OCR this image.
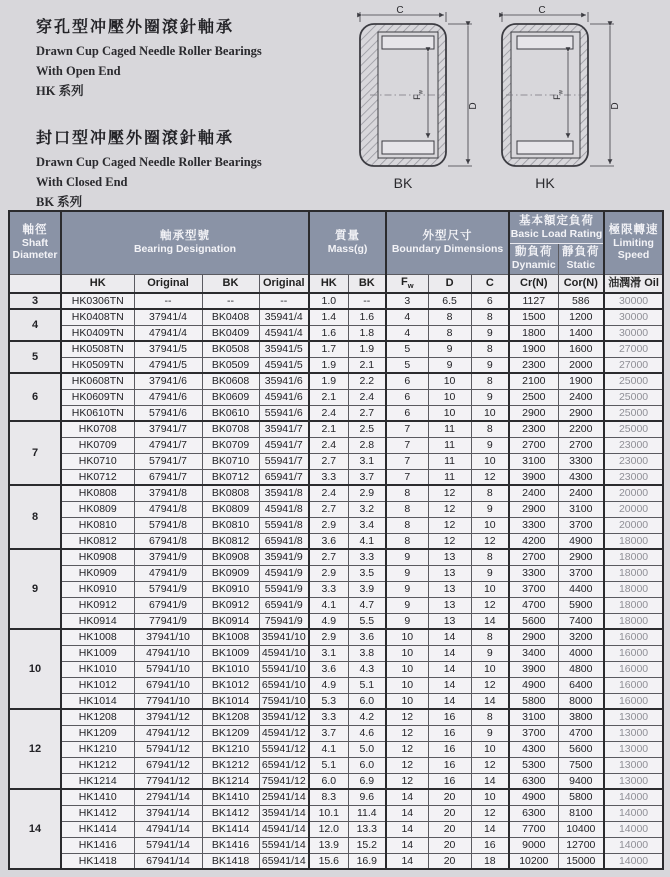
穿孔型冲壓外圈滾針軸承
Drawn Cup Caged Needle Roller Bearings
With Open End
HK 系列
封口型冲壓外圈滾針軸承
Drawn Cup Caged Needle Roller Bearings
With Closed End
BK 系列
C
D
$F_w$
BK
C
D
$F_w$
HK
軸徑
Shaft
Diameter	軸承型號
Bearing Designation				質量
Mass(g)		外型尺寸
Boundary Dimensions			基本額定負荷
Basic Load Rating		極限轉速
Limiting
Speed

										動負荷
Dynamic	靜負荷
Static	

	HK	Original	BK	Original	HK	BK	$F_w$	D	C	Cr(N)	Cor(N)	油潤滑 Oil
3	HK0306TN	--	--	--	1.0	--	3	6.5	6	1127	586	30000
4	HK0408TN	37941/4	BK0408	35941/4	1.4	1.6	4	8	8	1500	1200	30000
	HK0409TN	47941/4	BK0409	45941/4	1.6	1.8	4	8	9	1800	1400	30000
5	HK0508TN	37941/5	BK0508	35941/5	1.7	1.9	5	9	8	1900	1600	27000
	HK0509TN	47941/5	BK0509	45941/5	1.9	2.1	5	9	9	2300	2000	27000
6	HK0608TN	37941/6	BK0608	35941/6	1.9	2.2	6	10	8	2100	1900	25000
	HK0609TN	47941/6	BK0609	45941/6	2.1	2.4	6	10	9	2500	2400	25000
	HK0610TN	57941/6	BK0610	55941/6	2.4	2.7	6	10	10	2900	2900	25000
7	HK0708	37941/7	BK0708	35941/7	2.1	2.5	7	11	8	2300	2200	25000
	HK0709	47941/7	BK0709	45941/7	2.4	2.8	7	11	9	2700	2700	23000
	HK0710	57941/7	BK0710	55941/7	2.7	3.1	7	11	10	3100	3300	23000
	HK0712	67941/7	BK0712	65941/7	3.3	3.7	7	11	12	3900	4300	23000
8	HK0808	37941/8	BK0808	35941/8	2.4	2.9	8	12	8	2400	2400	20000
	HK0809	47941/8	BK0809	45941/8	2.7	3.2	8	12	9	2900	3100	20000
	HK0810	57941/8	BK0810	55941/8	2.9	3.4	8	12	10	3300	3700	20000
	HK0812	67941/8	BK0812	65941/8	3.6	4.1	8	12	12	4200	4900	18000
9	HK0908	37941/9	BK0908	35941/9	2.7	3.3	9	13	8	2700	2900	18000
	HK0909	47941/9	BK0909	45941/9	2.9	3.5	9	13	9	3300	3700	18000
	HK0910	57941/9	BK0910	55941/9	3.3	3.9	9	13	10	3700	4400	18000
	HK0912	67941/9	BK0912	65941/9	4.1	4.7	9	13	12	4700	5900	18000
	HK0914	77941/9	BK0914	75941/9	4.9	5.5	9	13	14	5600	7400	18000
10	HK1008	37941/10	BK1008	35941/10	2.9	3.6	10	14	8	2900	3200	16000
	HK1009	47941/10	BK1009	45941/10	3.1	3.8	10	14	9	3400	4000	16000
	HK1010	57941/10	BK1010	55941/10	3.6	4.3	10	14	10	3900	4800	16000
	HK1012	67941/10	BK1012	65941/10	4.9	5.1	10	14	12	4900	6400	16000
	HK1014	77941/10	BK1014	75941/10	5.3	6.0	10	14	14	5800	8000	16000
12	HK1208	37941/12	BK1208	35941/12	3.3	4.2	12	16	8	3100	3800	13000
	HK1209	47941/12	BK1209	45941/12	3.7	4.6	12	16	9	3700	4700	13000
	HK1210	57941/12	BK1210	55941/12	4.1	5.0	12	16	10	4300	5600	13000
	HK1212	67941/12	BK1212	65941/12	5.1	6.0	12	16	12	5300	7500	13000
	HK1214	77941/12	BK1214	75941/12	6.0	6.9	12	16	14	6300	9400	13000
14	HK1410	27941/14	BK1410	25941/14	8.3	9.6	14	20	10	4900	5800	14000
	HK1412	37941/14	BK1412	35941/14	10.1	11.4	14	20	12	6300	8100	14000
	HK1414	47941/14	BK1414	45941/14	12.0	13.3	14	20	14	7700	10400	14000
	HK1416	57941/14	BK1416	55941/14	13.9	15.2	14	20	16	9000	12700	14000
	HK1418	67941/14	BK1418	65941/14	15.6	16.9	14	20	18	10200	15000	14000
